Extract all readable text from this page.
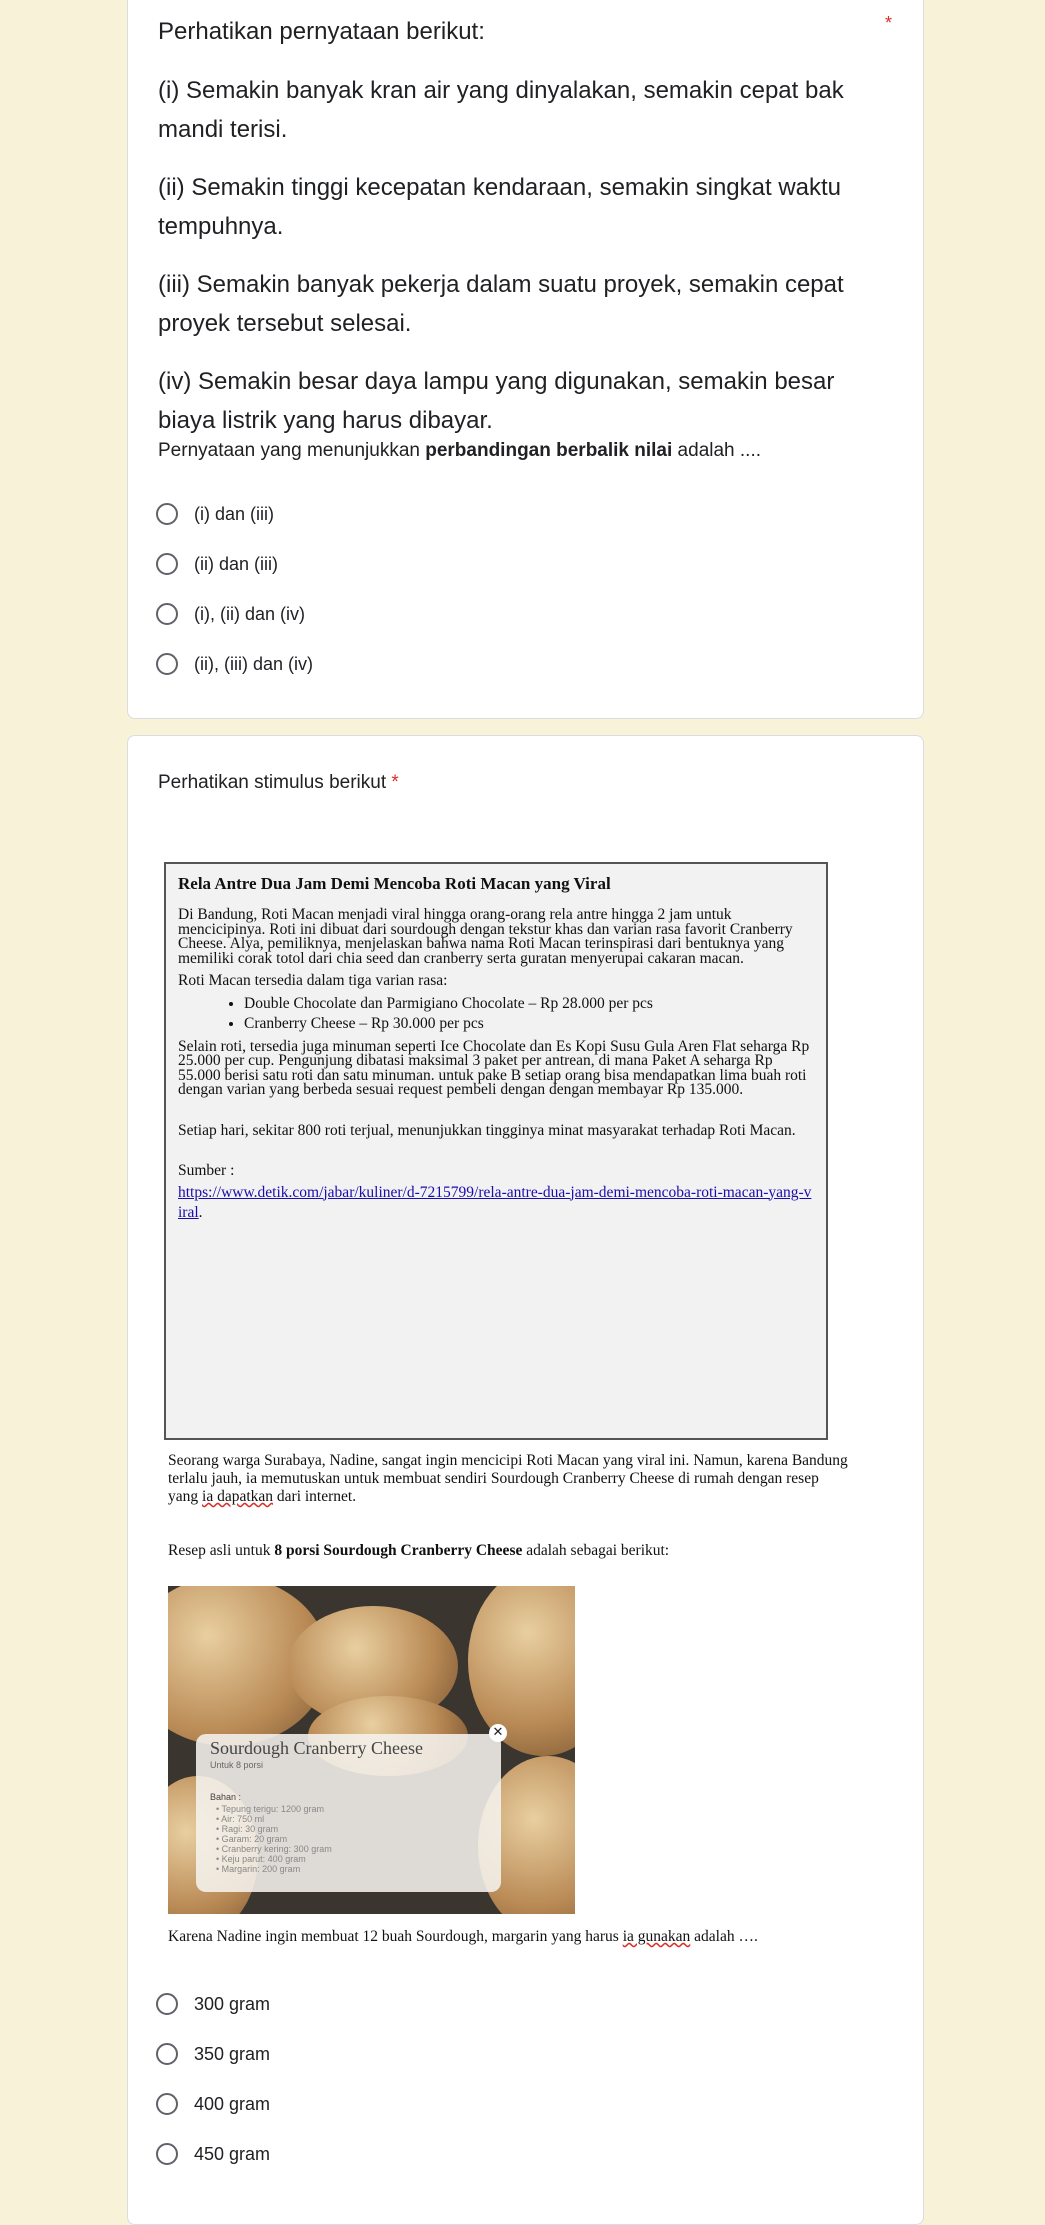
Perhatikan pernyataan berikut:	*
(i) Semakin banyak kran air yang dinyalakan, semakin cepat bak mandi terisi.
(ii) Semakin tinggi kecepatan kendaraan, semakin singkat waktu tempuhnya.
(iii) Semakin banyak pekerja dalam suatu proyek, semakin cepat proyek tersebut selesai.
(iv) Semakin besar daya lampu yang digunakan, semakin besar biaya listrik yang harus dibayar.
Pernyataan yang menunjukkan perbandingan berbalik nilai adalah ....
(i) dan (iii)
(ii) dan (iii)
(i), (ii) dan (iv)
(ii), (iii) dan (iv)
Perhatikan stimulus berikut *
Rela Antre Dua Jam Demi Mencoba Roti Macan yang Viral

Di Bandung, Roti Macan menjadi viral hingga orang-orang rela antre hingga 2 jam untuk mencicipinya. Roti ini dibuat dari sourdough dengan tekstur khas dan varian rasa favorit Cranberry Cheese. Alya, pemiliknya, menjelaskan bahwa nama Roti Macan terinspirasi dari bentuknya yang memiliki corak totol dari chia seed dan cranberry serta guratan menyerupai cakaran macan.

Roti Macan tersedia dalam tiga varian rasa:

• Double Chocolate dan Parmigiano Chocolate – Rp 28.000 per pcs
• Cranberry Cheese – Rp 30.000 per pcs

Selain roti, tersedia juga minuman seperti Ice Chocolate dan Es Kopi Susu Gula Aren Flat seharga Rp 25.000 per cup. Pengunjung dibatasi maksimal 3 paket per antrean, di mana Paket A seharga Rp 55.000 berisi satu roti dan satu minuman. untuk pake B setiap orang bisa mendapatkan lima buah roti dengan varian yang berbeda sesuai request pembeli dengan dengan membayar Rp 135.000.

Setiap hari, sekitar 800 roti terjual, menunjukkan tingginya minat masyarakat terhadap Roti Macan.

Sumber :

https://www.detik.com/jabar/kuliner/d-7215799/rela-antre-dua-jam-demi-mencoba-roti-macan-yang-viral.
Seorang warga Surabaya, Nadine, sangat ingin mencicipi Roti Macan yang viral ini. Namun, karena Bandung terlalu jauh, ia memutuskan untuk membuat sendiri Sourdough Cranberry Cheese di rumah dengan resep yang ia dapatkan dari internet.
Resep asli untuk 8 porsi Sourdough Cranberry Cheese adalah sebagai berikut:
✕
Sourdough Cranberry Cheese
Untuk 8 porsi
Bahan :
• Tepung terigu: 1200 gram
• Air: 750 ml
• Ragi: 30 gram
• Garam: 20 gram
• Cranberry kering: 300 gram
• Keju parut: 400 gram
• Margarin: 200 gram
Karena Nadine ingin membuat 12 buah Sourdough, margarin yang harus ia gunakan adalah ….
300 gram
350 gram
400 gram
450 gram
